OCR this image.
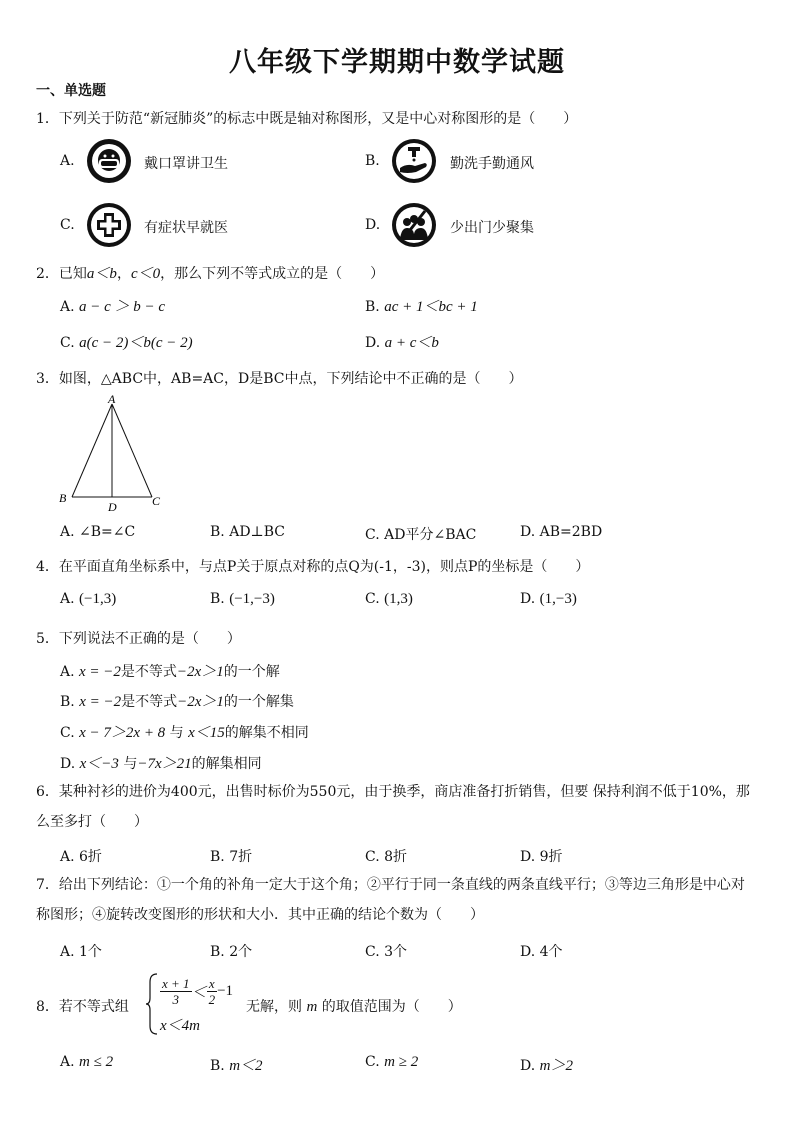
八年级下学期期中数学试题
一、单选题
1．下列关于防范“新冠肺炎”的标志中既是轴对称图形，又是中心对称图形的是（　　）
A.	戴口罩讲卫生	B.	勤洗手勤通风
C.	有症状早就医	D.	少出门少聚集
2．已知a＜b，c＜0，那么下列不等式成立的是（　　）
A. a − c ＞ b − c	B. ac + 1＜bc + 1
C. a(c − 2)＜b(c − 2)	D. a + c＜b
3．如图，△ABC中，AB=AC，D是BC中点，下列结论中不正确的是（　　）
A
B	C
D
A. ∠B=∠C	B. AD⊥BC	C. AD平分∠BAC	D. AB=2BD
4．在平面直角坐标系中，与点P关于原点对称的点Q为(-1，-3)，则点P的坐标是（　　）
A. (−1,3)	B. (−1,−3)	C. (1,3)	D. (1,−3)
5．下列说法不正确的是（　　）
A. x = −2是不等式−2x＞1的一个解
B. x = −2是不等式−2x＞1的一个解集
C. x − 7＞2x + 8 与 x＜15的解集不相同
D. x＜−3 与−7x＞21的解集相同
6．某种衬衫的进价为400元，出售时标价为550元，由于换季，商店准备打折销售，但要 保持利润不低于10%，那么至多打（　　）
A. 6折	B. 7折	C. 8折	D. 9折
7．给出下列结论：①一个角的补角一定大于这个角；②平行于同一条直线的两条直线平行；③等边三角形是中心对称图形；④旋转改变图形的形状和大小．其中正确的结论个数为（　　）
A. 1个	B. 2个	C. 3个	D. 4个
8．若不等式组 $\frac{x + 1}{3} < \frac{x}{2} -1$
x＜4m
无解，则 m 的取值范围为（　　）
A. m ≤ 2	B. m＜2	C. m ≥ 2	D. m＞2
